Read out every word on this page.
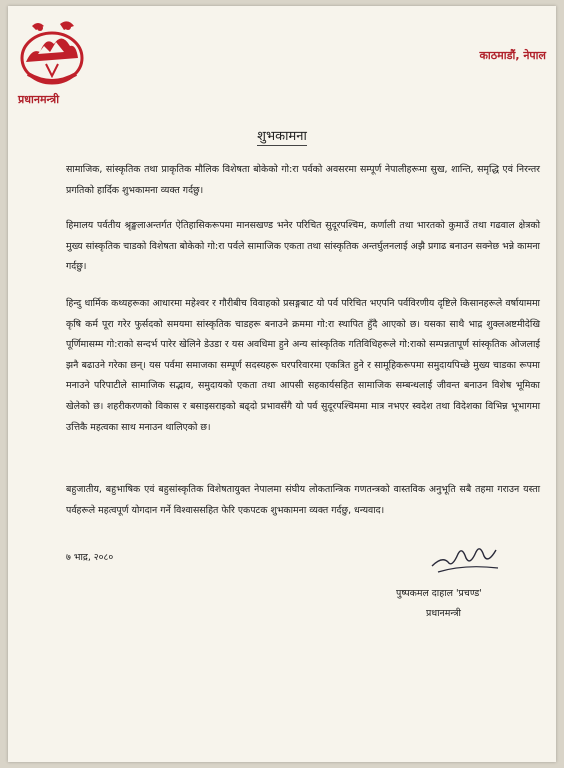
प्रधानमन्त्री
काठमाडौं, नेपाल
शुभकामना

सामाजिक, सांस्कृतिक तथा प्राकृतिक मौलिक विशेषता बोकेको गो:रा पर्वको अवसरमा सम्पूर्ण नेपालीहरूमा सुख, शान्ति, समृद्धि एवं निरन्तर प्रगतिको हार्दिक शुभकामना व्यक्त गर्दछु।

हिमालय पर्वतीय श्रृङ्खलाअन्तर्गत ऐतिहासिकरूपमा मानसखण्ड भनेर परिचित सुदूरपश्चिम, कर्णाली तथा भारतको कुमाउँ तथा गढवाल क्षेत्रको मुख्य सांस्कृतिक चाडको विशेषता बोकेको गो:रा पर्वले सामाजिक एकता तथा सांस्कृतिक अन्तर्घुलनलाई अझै प्रगाढ बनाउन सक्नेछ भन्ने कामना गर्दछु।

हिन्दु धार्मिक कथ्यहरूका आधारमा महेश्वर र गौरीबीच विवाहको प्रसङ्गबाट यो पर्व परिचित भएपनि पर्वविरणीय दृष्टिले किसानहरूले वर्षायाममा कृषि कर्म पूरा गरेर फुर्सदको समयमा सांस्कृतिक चाडहरू बनाउने क्रममा गो:रा स्थापित हुँदै आएको छ। यसका साथै भाद्र शुक्लअष्टमीदेखि पूर्णिमासम्म गो:राको सन्दर्भ पारेर खेलिने डेउडा र यस अवधिमा हुने अन्य सांस्कृतिक गतिविधिहरूले गो:राको सम्पन्नतापूर्ण सांस्कृतिक ओजलाई झनै बढाउने गरेका छन्। यस पर्वमा समाजका सम्पूर्ण सदस्यहरू घरपरिवारमा एकत्रित हुने र सामूहिकरूपमा समुदायपिच्छे मुख्य चाडका रूपमा मनाउने परिपाटीले सामाजिक सद्भाव, समुदायको एकता तथा आपसी सहकार्यसहित सामाजिक सम्बन्धलाई जीवन्त बनाउन विशेष भूमिका खेलेको छ। शहरीकरणको विकास र बसाइसराइको बढ्दो प्रभावसँगै यो पर्व सुदूरपश्चिममा मात्र नभएर स्वदेश तथा विदेशका विभिन्न भूभागमा उत्तिकै महत्वका साथ मनाउन थालिएको छ।

बहुजातीय, बहुभाषिक एवं बहुसांस्कृतिक विशेषतायुक्त नेपालमा संघीय लोकतान्त्रिक गणतन्त्रको वास्तविक अनुभूति सबै तहमा गराउन यस्ता पर्वहरूले महत्वपूर्ण योगदान गर्ने विश्वाससहित फेरि एकपटक शुभकामना व्यक्त गर्दछु, धन्यवाद।

७ भाद्र, २०८०
पुष्पकमल दाहाल 'प्रचण्ड'
प्रधानमन्त्री
